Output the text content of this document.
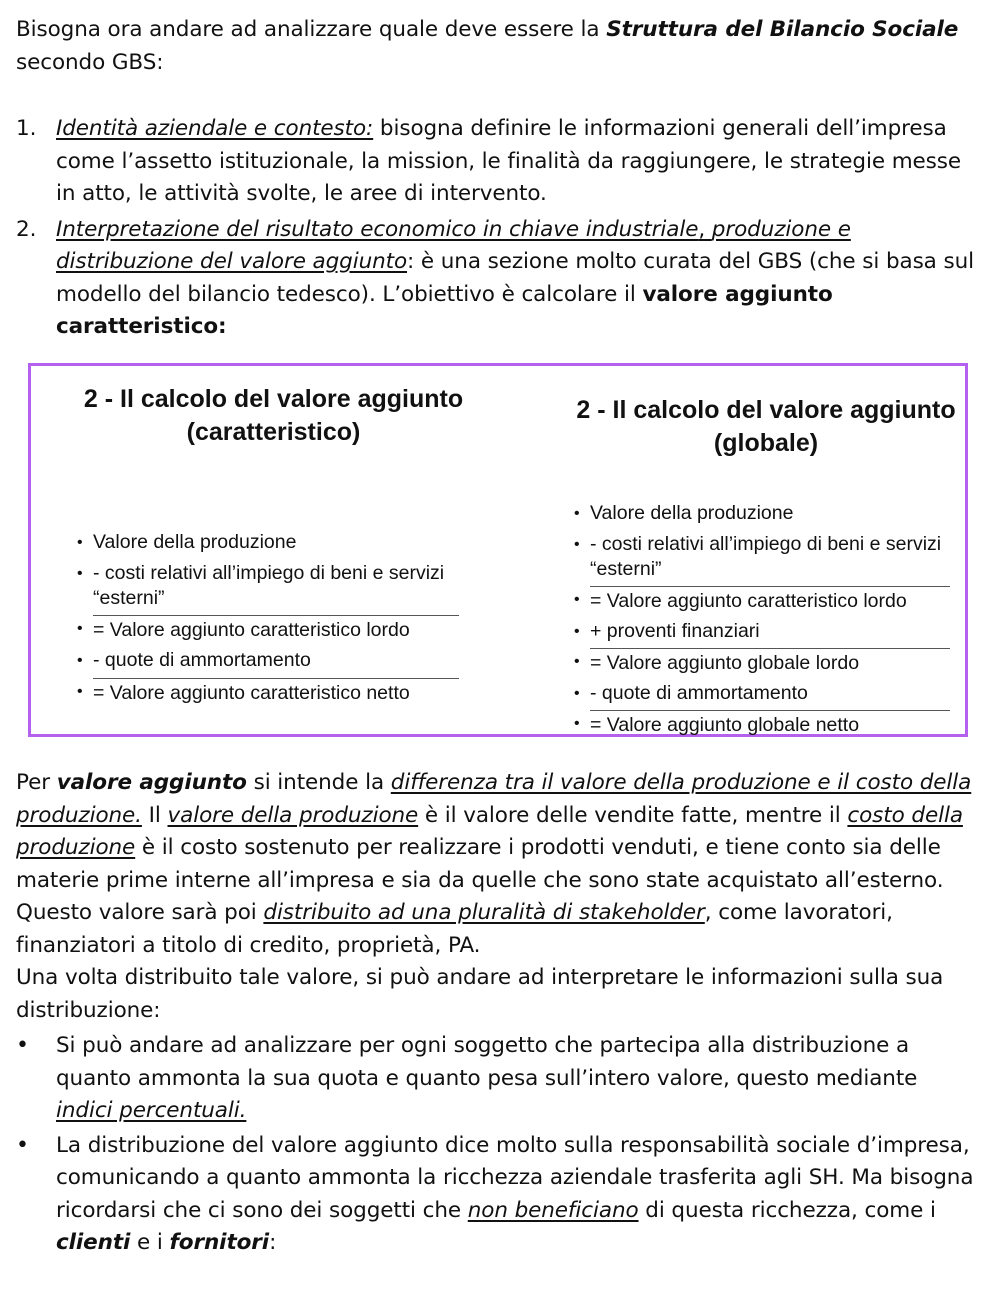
Bisogna ora andare ad analizzare quale deve essere la Struttura del Bilancio Sociale
secondo GBS:
1. Identità aziendale e contesto: bisogna definire le informazioni generali dell’impresa come l’assetto istituzionale, la mission, le finalità da raggiungere, le strategie messe in atto, le attività svolte, le aree di intervento.
2. Interpretazione del risultato economico in chiave industriale, produzione e distribuzione del valore aggiunto: è una sezione molto curata del GBS (che si basa sul modello del bilancio tedesco). L’obiettivo è calcolare il valore aggiunto caratteristico:
2 - Il calcolo del valore aggiunto
(caratteristico)
• Valore della produzione
• - costi relativi all’impiego di beni e servizi “esterni”
• = Valore aggiunto caratteristico lordo
• - quote di ammortamento
• = Valore aggiunto caratteristico netto
2 - Il calcolo del valore aggiunto
(globale)
• Valore della produzione
• - costi relativi all’impiego di beni e servizi “esterni”
• = Valore aggiunto caratteristico lordo
• + proventi finanziari
• = Valore aggiunto globale lordo
• - quote di ammortamento
• = Valore aggiunto globale netto

Per valore aggiunto si intende la differenza tra il valore della produzione e il costo della produzione. Il valore della produzione è il valore delle vendite fatte, mentre il costo della produzione è il costo sostenuto per realizzare i prodotti venduti, e tiene conto sia delle materie prime interne all’impresa e sia da quelle che sono state acquistato all’esterno. Questo valore sarà poi distribuito ad una pluralità di stakeholder, come lavoratori, finanziatori a titolo di credito, proprietà, PA.

Una volta distribuito tale valore, si può andare ad interpretare le informazioni sulla sua distribuzione:

•	Si può andare ad analizzare per ogni soggetto che partecipa alla distribuzione a quanto ammonta la sua quota e quanto pesa sull’intero valore, questo mediante indici percentuali.
•	La distribuzione del valore aggiunto dice molto sulla responsabilità sociale d’impresa, comunicando a quanto ammonta la ricchezza aziendale trasferita agli SH. Ma bisogna ricordarsi che ci sono dei soggetti che non beneficiano di questa ricchezza, come i clienti e i fornitori:
